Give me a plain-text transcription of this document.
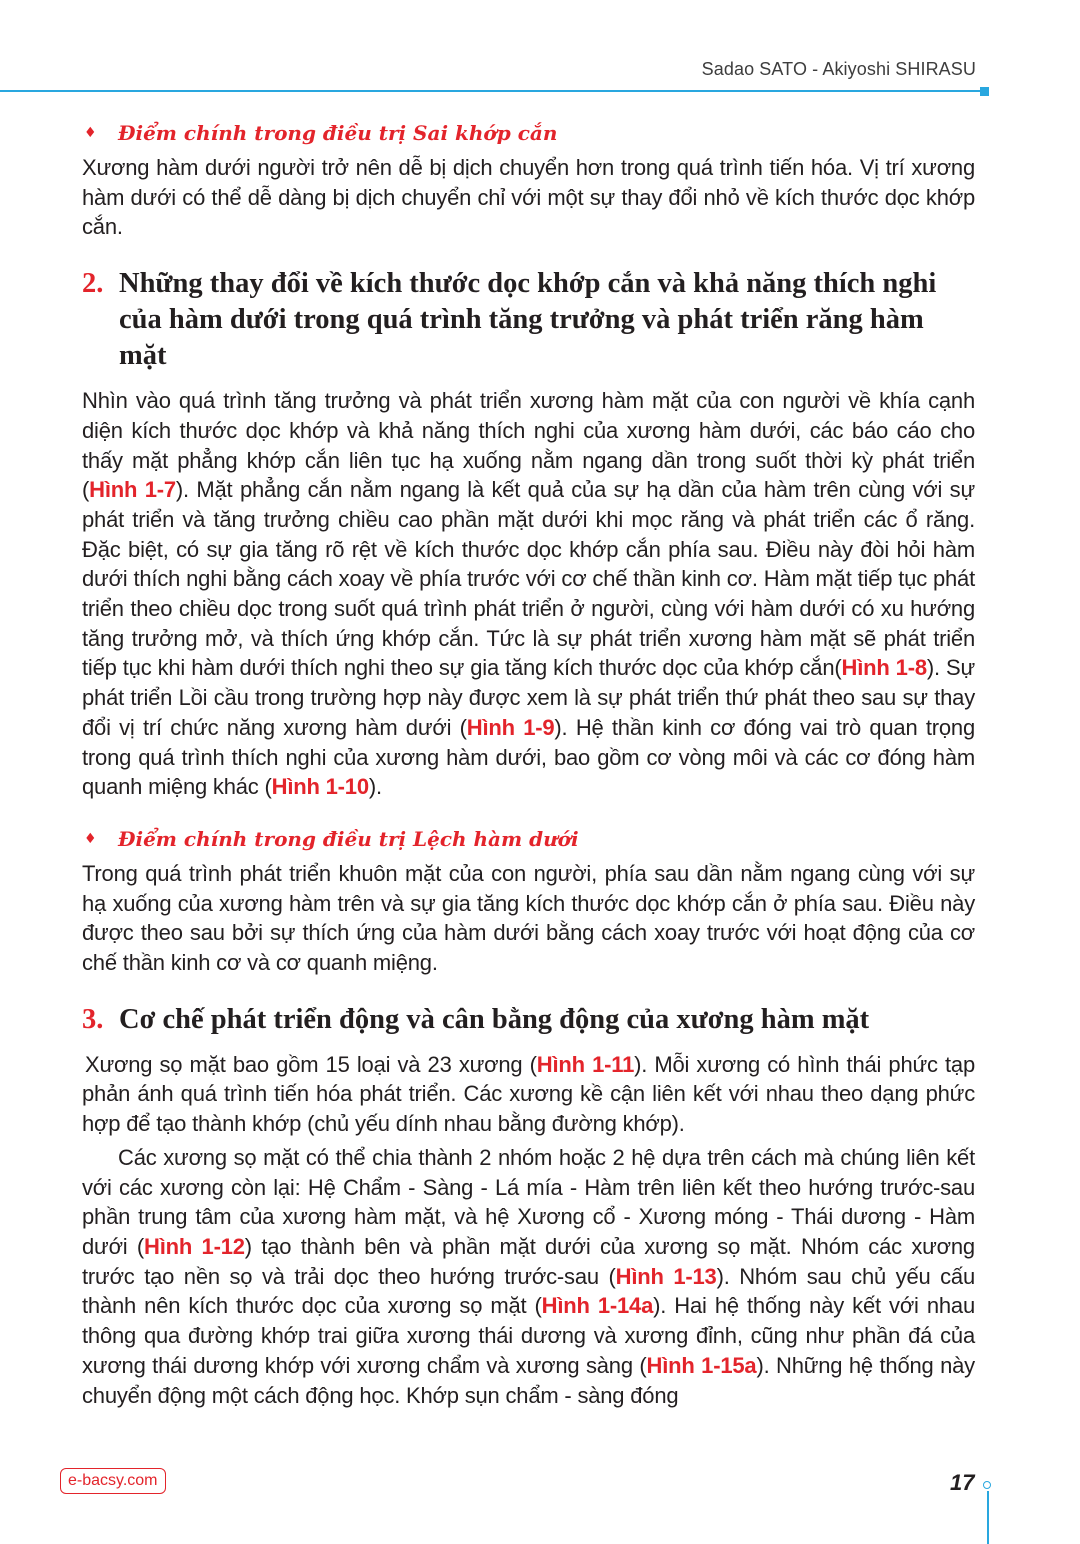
Sadao SATO - Akiyoshi SHIRASU
♦	Điểm chính trong điều trị Sai khớp cắn

Xương hàm dưới người trở nên dễ bị dịch chuyển hơn trong quá trình tiến hóa. Vị trí xương hàm dưới có thể dễ dàng bị dịch chuyển chỉ với một sự thay đổi nhỏ về kích thước dọc khớp cắn.

2. Những thay đổi về kích thước dọc khớp cắn và khả năng thích nghi của hàm dưới trong quá trình tăng trưởng và phát triển răng hàm mặt

Nhìn vào quá trình tăng trưởng và phát triển xương hàm mặt của con người về khía cạnh diện kích thước dọc khớp và khả năng thích nghi của xương hàm dưới, các báo cáo cho thấy mặt phẳng khớp cắn liên tục hạ xuống nằm ngang dần trong suốt thời kỳ phát triển (Hình 1-7). Mặt phẳng cắn nằm ngang là kết quả của sự hạ dần của hàm trên cùng với sự phát triển và tăng trưởng chiều cao phần mặt dưới khi mọc răng và phát triển các ổ răng. Đặc biệt, có sự gia tăng rõ rệt về kích thước dọc khớp cắn phía sau. Điều này đòi hỏi hàm dưới thích nghi bằng cách xoay về phía trước với cơ chế thần kinh cơ. Hàm mặt tiếp tục phát triển theo chiều dọc trong suốt quá trình phát triển ở người, cùng với hàm dưới có xu hướng tăng trưởng mở, và thích ứng khớp cắn. Tức là sự phát triển xương hàm mặt sẽ phát triển tiếp tục khi hàm dưới thích nghi theo sự gia tăng kích thước dọc của khớp cắn(Hình 1-8). Sự phát triển Lồi cầu trong trường hợp này được xem là sự phát triển thứ phát theo sau sự thay đổi vị trí chức năng xương hàm dưới (Hình 1-9). Hệ thần kinh cơ đóng vai trò quan trọng trong quá trình thích nghi của xương hàm dưới, bao gồm cơ vòng môi và các cơ đóng hàm quanh miệng khác (Hình 1-10).

♦	Điểm chính trong điều trị Lệch hàm dưới

Trong quá trình phát triển khuôn mặt của con người, phía sau dần nằm ngang cùng với sự hạ xuống của xương hàm trên và sự gia tăng kích thước dọc khớp cắn ở phía sau. Điều này được theo sau bởi sự thích ứng của hàm dưới bằng cách xoay trước với hoạt động của cơ chế thần kinh cơ và cơ quanh miệng.

3. Cơ chế phát triển động và cân bằng động của xương hàm mặt

Xương sọ mặt bao gồm 15 loại và 23 xương (Hình 1-11). Mỗi xương có hình thái phức tạp phản ánh quá trình tiến hóa phát triển. Các xương kề cận liên kết với nhau theo dạng phức hợp để tạo thành khớp (chủ yếu dính nhau bằng đường khớp).

Các xương sọ mặt có thể chia thành 2 nhóm hoặc 2 hệ dựa trên cách mà chúng liên kết với các xương còn lại: Hệ Chẩm - Sàng - Lá mía - Hàm trên liên kết theo hướng trước-sau phần trung tâm của xương hàm mặt, và hệ Xương cổ - Xương móng - Thái dương - Hàm dưới (Hình 1-12) tạo thành bên và phần mặt dưới của xương sọ mặt. Nhóm các xương trước tạo nền sọ và trải dọc theo hướng trước-sau (Hình 1-13). Nhóm sau chủ yếu cấu thành nên kích thước dọc của xương sọ mặt (Hình 1-14a). Hai hệ thống này kết với nhau thông qua đường khớp trai giữa xương thái dương và xương đỉnh, cũng như phần đá của xương thái dương khớp với xương chẩm và xương sàng (Hình 1-15a). Những hệ thống này chuyển động một cách động học. Khớp sụn chẩm - sàng đóng

e-bacsy.com	17
